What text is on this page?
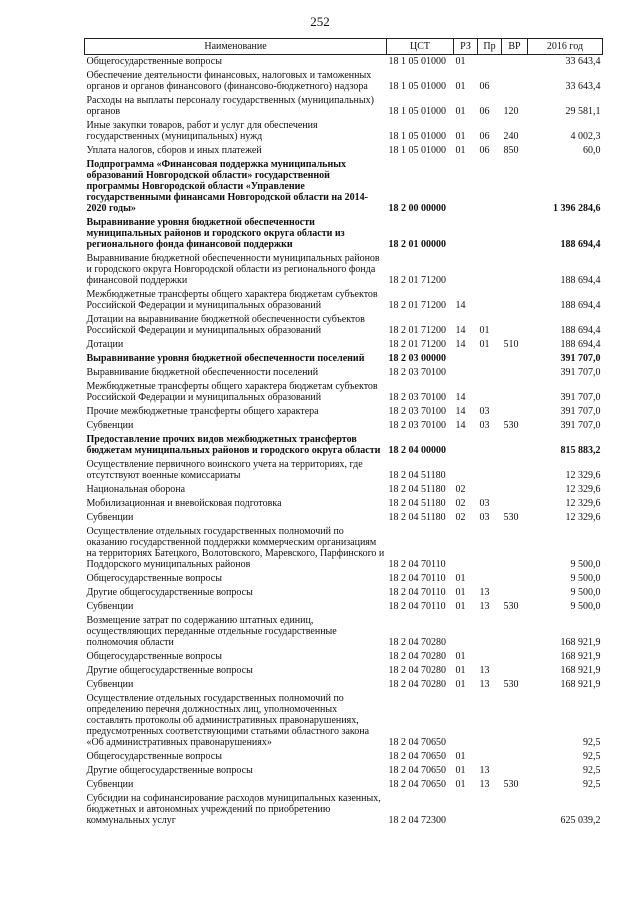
252
Наименование	ЦСТ	РЗ	Пр	ВР	2016 год
Общегосударственные вопросы	18 1 05 01000	01			33 643,4
Обеспечение деятельности финансовых, налоговых и таможенных органов и органов финансового (финансово-бюджетного) надзора	18 1 05 01000	01	06		33 643,4
Расходы на выплаты персоналу государственных (муниципальных) органов	18 1 05 01000	01	06	120	29 581,1
Иные закупки товаров, работ и услуг для обеспечения государственных (муниципальных) нужд	18 1 05 01000	01	06	240	4 002,3
Уплата налогов, сборов и иных платежей	18 1 05 01000	01	06	850	60,0
Подпрограмма «Финансовая поддержка муниципальных образований Новгородской области» государственной программы Новгородской области «Управление государственными финансами Новгородской области на 2014-2020 годы»	18 2 00 00000				1 396 284,6
Выравнивание уровня бюджетной обеспеченности муниципальных районов и городского округа области из регионального фонда финансовой поддержки	18 2 01 00000				188 694,4
Выравнивание бюджетной обеспеченности муниципальных районов и городского округа Новгородской области из регионального фонда финансовой поддержки	18 2 01 71200				188 694,4
Межбюджетные трансферты общего характера бюджетам субъектов Российской Федерации и муниципальных образований	18 2 01 71200	14			188 694,4
Дотации на выравнивание бюджетной обеспеченности субъектов Российской Федерации и муниципальных образований	18 2 01 71200	14	01		188 694,4
Дотации	18 2 01 71200	14	01	510	188 694,4
Выравнивание уровня бюджетной обеспеченности поселений	18 2 03 00000				391 707,0
Выравнивание бюджетной обеспеченности поселений	18 2 03 70100				391 707,0
Межбюджетные трансферты общего характера бюджетам субъектов Российской Федерации и муниципальных образований	18 2 03 70100	14			391 707,0
Прочие межбюджетные трансферты общего характера	18 2 03 70100	14	03		391 707,0
Субвенции	18 2 03 70100	14	03	530	391 707,0
Предоставление прочих видов межбюджетных трансфертов бюджетам муниципальных районов и городского округа области	18 2 04 00000				815 883,2
Осуществление первичного воинского учета на территориях, где отсутствуют военные комиссариаты	18 2 04 51180				12 329,6
Национальная оборона	18 2 04 51180	02			12 329,6
Мобилизационная и вневойсковая подготовка	18 2 04 51180	02	03		12 329,6
Субвенции	18 2 04 51180	02	03	530	12 329,6
Осуществление отдельных государственных полномочий по оказанию государственной поддержки коммерческим организациям на территориях Батецкого, Волотовского, Маревского, Парфинского и Поддорского муниципальных районов	18 2 04 70110				9 500,0
Общегосударственные вопросы	18 2 04 70110	01			9 500,0
Другие общегосударственные вопросы	18 2 04 70110	01	13		9 500,0
Субвенции	18 2 04 70110	01	13	530	9 500,0
Возмещение затрат по содержанию штатных единиц, осуществляющих переданные отдельные государственные полномочия области	18 2 04 70280				168 921,9
Общегосударственные вопросы	18 2 04 70280	01			168 921,9
Другие общегосударственные вопросы	18 2 04 70280	01	13		168 921,9
Субвенции	18 2 04 70280	01	13	530	168 921,9
Осуществление отдельных государственных полномочий по определению перечня должностных лиц, уполномоченных составлять протоколы об административных правонарушениях, предусмотренных соответствующими статьями областного закона «Об административных правонарушениях»	18 2 04 70650				92,5
Общегосударственные вопросы	18 2 04 70650	01			92,5
Другие общегосударственные вопросы	18 2 04 70650	01	13		92,5
Субвенции	18 2 04 70650	01	13	530	92,5
Субсидии на софинансирование расходов муниципальных казенных, бюджетных и автономных учреждений по приобретению коммунальных услуг	18 2 04 72300				625 039,2
